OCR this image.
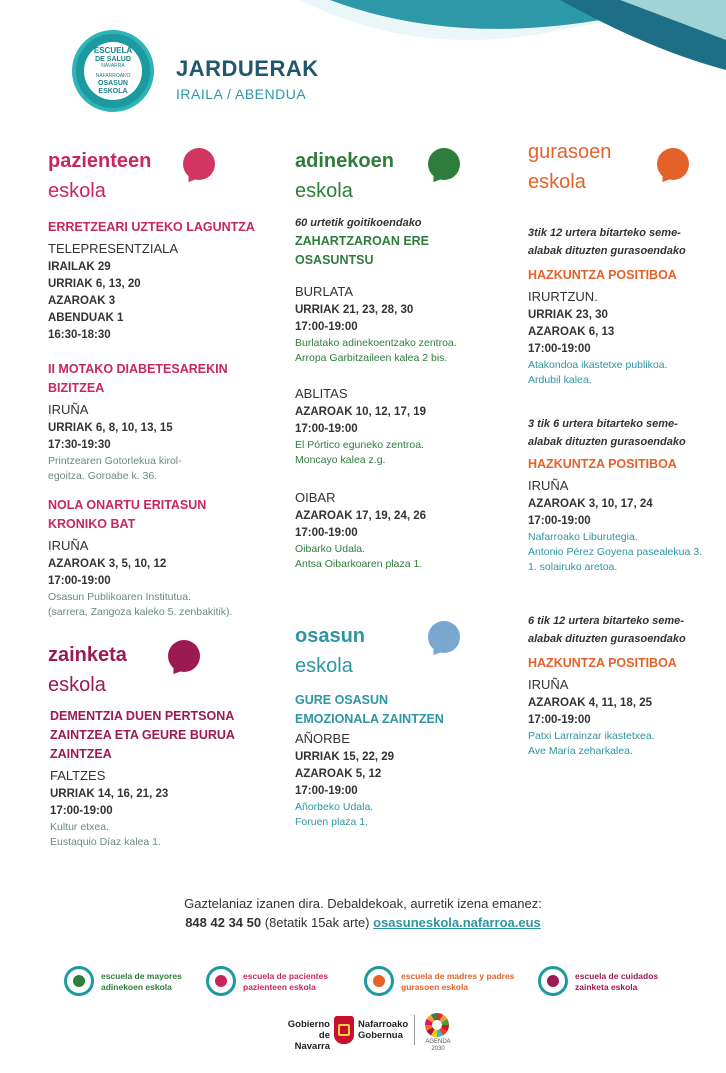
ESCUELA
DE SALUD
NAVARRA
NAFARROAKO
OSASUN
ESKOLA
JARDUERAK
IRAILA / ABENDUA
pazienteen
eskola
ERRETZEARI UZTEKO LAGUNTZA
TELEPRESENTZIALA
IRAILAK 29
URRIAK 6, 13, 20
AZAROAK 3
ABENDUAK 1
16:30-18:30
II MOTAKO DIABETESAREKIN
BIZITZEA
IRUÑA
URRIAK 6, 8, 10, 13, 15
17:30-19:30
Printzearen Gotorlekua kirol-
egoitza. Goroabe k. 36.
NOLA ONARTU ERITASUN
KRONIKO BAT
IRUÑA
AZAROAK 3, 5, 10, 12
17:00-19:00
Osasun Publikoaren Institutua.
(sarrera, Zangoza kaleko 5. zenbakitik).
zainketa
eskola
DEMENTZIA DUEN PERTSONA
ZAINTZEA ETA GEURE BURUA
ZAINTZEA
FALTZES
URRIAK 14, 16, 21, 23
17:00-19:00
Kultur etxea.
Eustaquio Díaz kalea 1.
adinekoen
eskola
60 urtetik goitikoendako
ZAHARTZAROAN ERE
OSASUNTSU
BURLATA
URRIAK 21, 23, 28, 30
17:00-19:00
Burlatako adinekoentzako zentroa.
Arropa Garbitzaileen kalea 2 bis.
ABLITAS
AZAROAK 10, 12, 17, 19
17:00-19:00
El Pórtico eguneko zentroa.
Moncayo kalea z.g.
OIBAR
AZAROAK 17, 19, 24, 26
17:00-19:00
Oibarko Udala.
Antsa Oibarkoaren plaza 1.
osasun
eskola
GURE OSASUN
EMOZIONALA ZAINTZEN
AÑORBE
URRIAK 15, 22, 29
AZAROAK 5, 12
17:00-19:00
Añorbeko Udala.
Foruen plaza 1.
gurasoen
eskola
3tik 12 urtera bitarteko seme-
alabak dituzten gurasoendako
HAZKUNTZA POSITIBOA
IRURTZUN.
URRIAK 23, 30
AZAROAK 6, 13
17:00-19:00
Atakondoa ikastetxe publikoa.
Ardubil kalea.
3 tik 6 urtera bitarteko seme-
alabak dituzten gurasoendako
HAZKUNTZA POSITIBOA
IRUÑA
AZAROAK 3, 10, 17, 24
17:00-19:00
Nafarroako Liburutegia.
Antonio Pérez Goyena pasealekua 3.
1. solairuko aretoa.
6 tik 12 urtera bitarteko seme-
alabak dituzten gurasoendako
HAZKUNTZA POSITIBOA
IRUÑA
AZAROAK 4, 11, 18, 25
17:00-19:00
Patxi Larrainzar ikastetxea.
Ave María zeharkalea.
Gaztelaniaz izanen dira. Debaldekoak, aurretik izena emanez:
848 42 34 50 (8etatik 15ak arte) osasuneskola.nafarroa.eus
escuela de mayores
adinekoen eskola
escuela de pacientes
pazienteen eskola
escuela de madres y padres
gurasoen eskola
escuela de cuidados
zainketa eskola
Gobierno
de Navarra
Nafarroako
Gobernua
AGENDA
2030
